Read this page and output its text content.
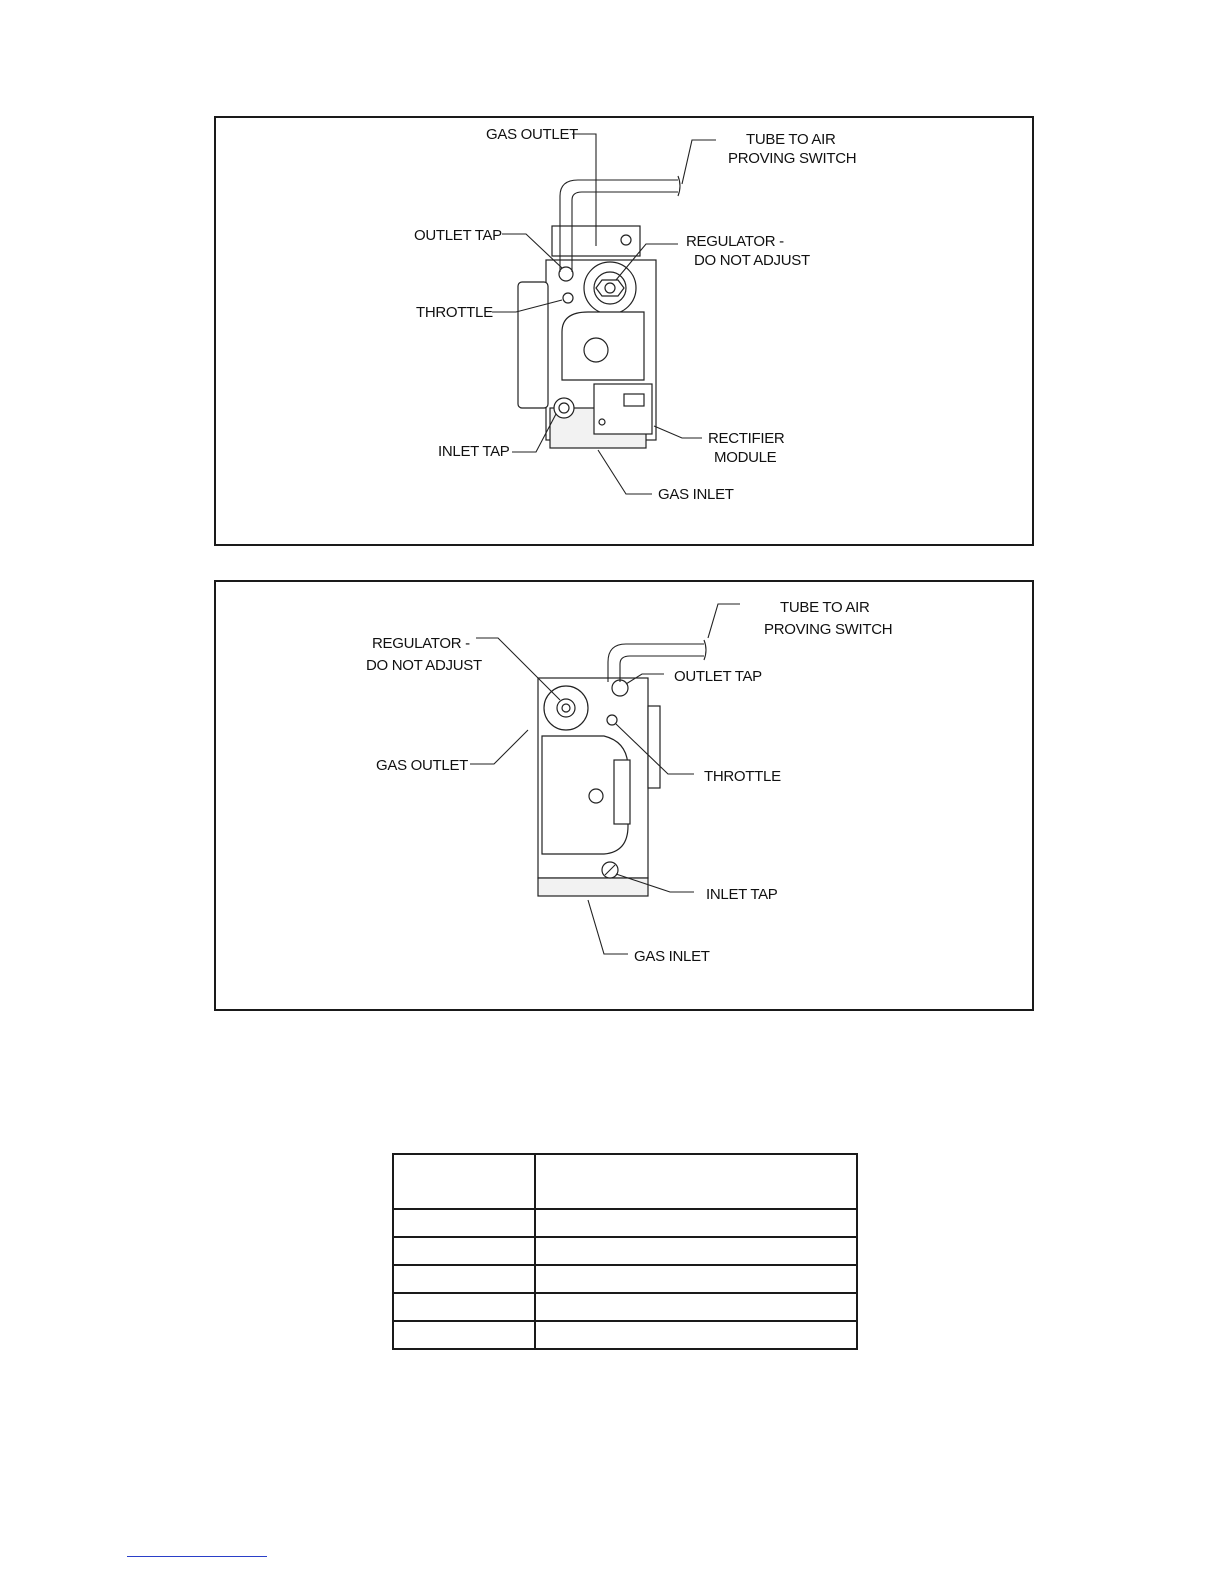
GAS OUTLET	TUBE TO AIR
PROVING SWITCH
OUTLET TAP	REGULATOR -
DO NOT ADJUST
THROTTLE
INLET TAP
RECTIFIER
MODULE
GAS INLET
TUBE TO AIR
PROVING SWITCH
REGULATOR -
DO NOT ADJUST
OUTLET TAP
GAS OUTLET
THROTTLE
INLET TAP
GAS INLET
